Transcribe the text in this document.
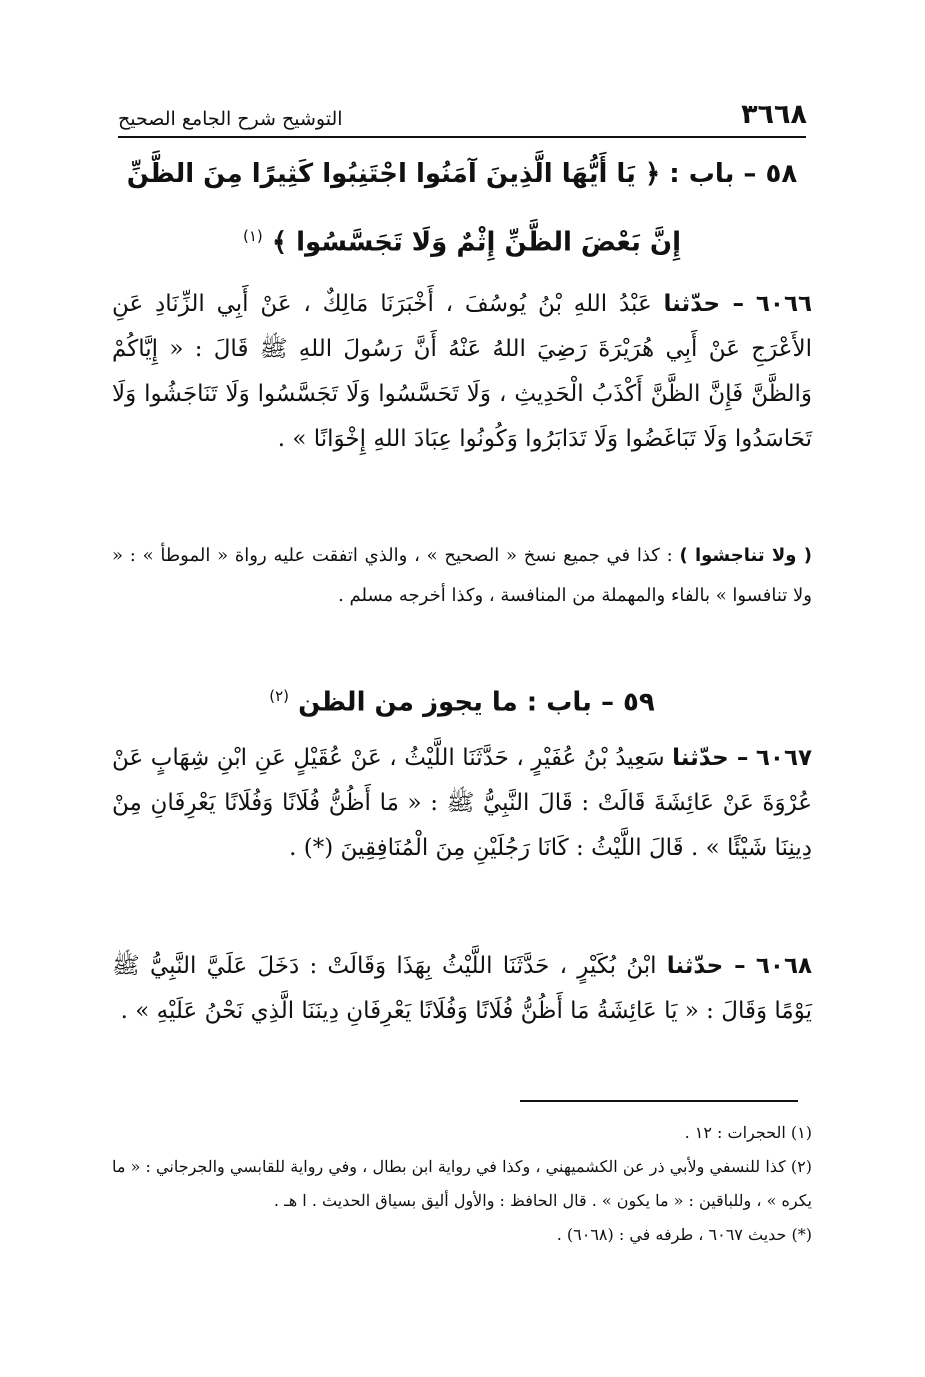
٣٦٦٨
التوشيح شرح الجامع الصحيح
٥٨ – باب : ﴿ يَا أَيُّهَا الَّذِينَ آمَنُوا اجْتَنِبُوا كَثِيرًا مِنَ الظَّنِّ
إِنَّ بَعْضَ الظَّنِّ إِثْمٌ وَلَا تَجَسَّسُوا ﴾ $^{(١)}$

٦٠٦٦ – حدّثنا عَبْدُ اللهِ بْنُ يُوسُفَ ، أَخْبَرَنَا مَالِكٌ ، عَنْ أَبِي الزِّنَادِ عَنِ الأَعْرَجِ عَنْ أَبِي هُرَيْرَةَ رَضِيَ اللهُ عَنْهُ أَنَّ رَسُولَ اللهِ ﷺ قَالَ : « إِيَّاكُمْ وَالظَّنَّ فَإِنَّ الظَّنَّ أَكْذَبُ الْحَدِيثِ ، وَلَا تَحَسَّسُوا وَلَا تَجَسَّسُوا وَلَا تَنَاجَشُوا وَلَا تَحَاسَدُوا وَلَا تَبَاغَضُوا وَلَا تَدَابَرُوا وَكُونُوا عِبَادَ اللهِ إِخْوَانًا » .

( ولا تناجشوا ) : كذا في جميع نسخ « الصحيح » ، والذي اتفقت عليه رواة « الموطأ » : « ولا تنافسوا » بالفاء والمهملة من المنافسة ، وكذا أخرجه مسلم .

٥٩ – باب : ما يجوز من الظن $^{(٢)}$

٦٠٦٧ – حدّثنا سَعِيدُ بْنُ عُفَيْرٍ ، حَدَّثَنَا اللَّيْثُ ، عَنْ عُقَيْلٍ عَنِ ابْنِ شِهَابٍ عَنْ عُرْوَةَ عَنْ عَائِشَةَ قَالَتْ : قَالَ النَّبِيُّ ﷺ : « مَا أَظُنُّ فُلَانًا وَفُلَانًا يَعْرِفَانِ مِنْ دِينِنَا شَيْئًا » . قَالَ اللَّيْثُ : كَانَا رَجُلَيْنِ مِنَ الْمُنَافِقِينَ (*) .

٦٠٦٨ – حدّثنا ابْنُ بُكَيْرٍ ، حَدَّثَنَا اللَّيْثُ بِهَذَا وَقَالَتْ : دَخَلَ عَلَيَّ النَّبِيُّ ﷺ يَوْمًا وَقَالَ : « يَا عَائِشَةُ مَا أَظُنُّ فُلَانًا وَفُلَانًا يَعْرِفَانِ دِينَنَا الَّذِي نَحْنُ عَلَيْهِ » .

(١) الحجرات : ١٢ .

(٢) كذا للنسفي ولأبي ذر عن الكشميهني ، وكذا في رواية ابن بطال ، وفي رواية للقابسي والجرجاني : « ما يكره » ، وللباقين : « ما يكون » . قال الحافظ : والأول أليق بسياق الحديث . ا هـ .

(*) حديث ٦٠٦٧ ، طرفه في : (٦٠٦٨) .
